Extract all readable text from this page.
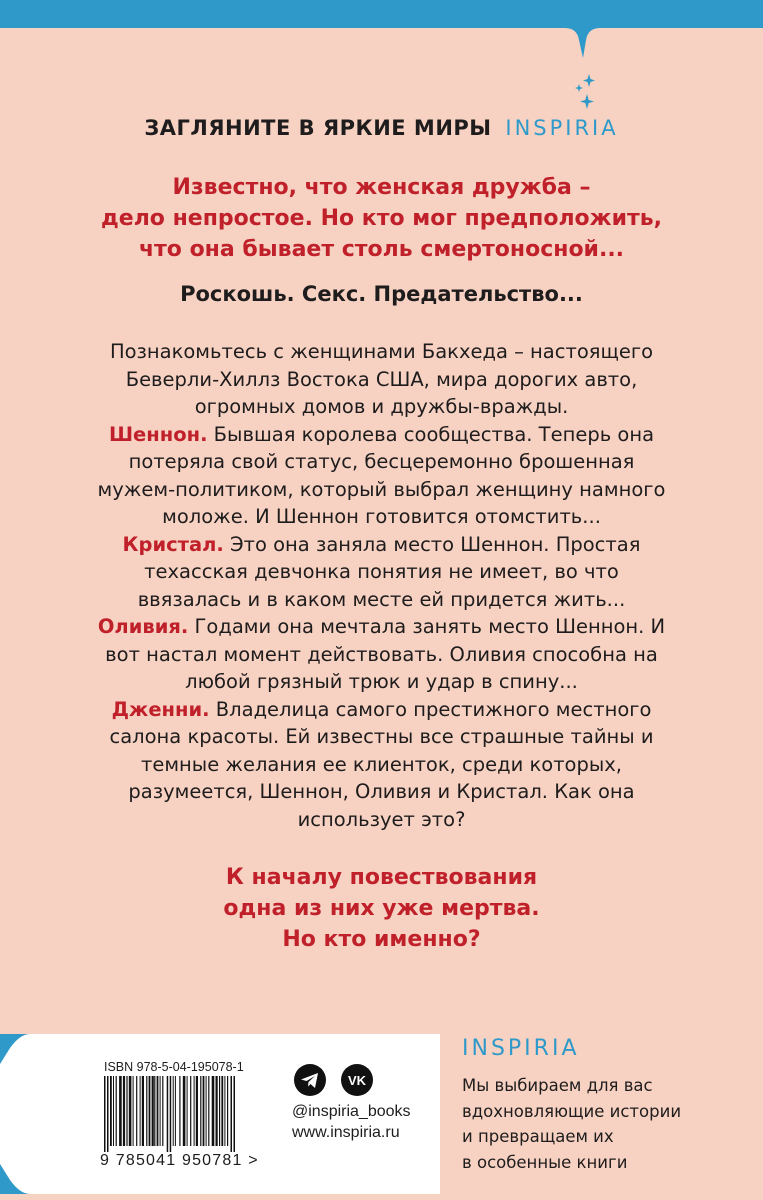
ЗАГЛЯНИТЕ В ЯРКИЕ МИРЫ INSPIRIA
Известно, что женская дружба –
дело непростое. Но кто мог предположить,
что она бывает столь смертоносной...
Роскошь. Секс. Предательство...

Познакомьтесь с женщинами Бакхеда – настоящего Беверли-Хиллз Востока США, мира дорогих авто, огромных домов и дружбы-вражды.

Шеннон. Бывшая королева сообщества. Теперь она потеряла свой статус, бесцеремонно брошенная мужем-политиком, который выбрал женщину намного моложе. И Шеннон готовится отомстить...

Кристал. Это она заняла место Шеннон. Простая техасская девчонка понятия не имеет, во что ввязалась и в каком месте ей придется жить...

Оливия. Годами она мечтала занять место Шеннон. И вот настал момент действовать. Оливия способна на любой грязный трюк и удар в спину...

Дженни. Владелица самого престижного местного салона красоты. Ей известны все страшные тайны и темные желания ее клиенток, среди которых, разумеется, Шеннон, Оливия и Кристал. Как она использует это?

К началу повествования
одна из них уже мертва.
Но кто именно?
ISBN 978-5-04-195078-1
9 785041 950781 >

VK
@inspiria_books
www.inspiria.ru
INSPIRIA
Мы выбираем для вас
вдохновляющие истории
и превращаем их
в особенные книги
